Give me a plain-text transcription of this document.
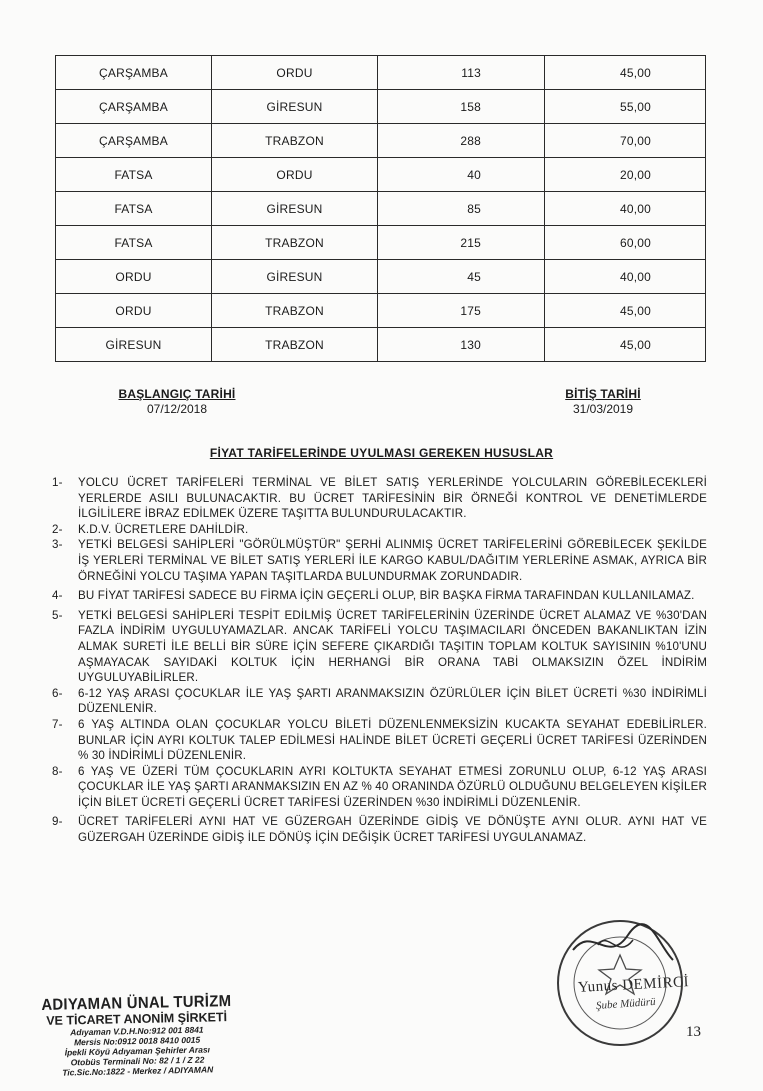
ÇARŞAMBA	ORDU	113	45,00
ÇARŞAMBA	GİRESUN	158	55,00
ÇARŞAMBA	TRABZON	288	70,00
FATSA	ORDU	40	20,00
FATSA	GİRESUN	85	40,00
FATSA	TRABZON	215	60,00
ORDU	GİRESUN	45	40,00
ORDU	TRABZON	175	45,00
GİRESUN	TRABZON	130	45,00
BAŞLANGIÇ TARİHİ
07/12/2018
BİTİŞ TARİHİ
31/03/2019
FİYAT TARİFELERİNDE UYULMASI GEREKEN HUSUSLAR
1-	YOLCU ÜCRET TARİFELERİ TERMİNAL VE BİLET SATIŞ YERLERİNDE YOLCULARIN GÖREBİLECEKLERİ YERLERDE ASILI BULUNACAKTIR. BU ÜCRET TARİFESİNİN BİR ÖRNEĞİ KONTROL VE DENETİMLERDE İLGİLİLERE İBRAZ EDİLMEK ÜZERE TAŞITTA BULUNDURULACAKTIR.
2-	K.D.V. ÜCRETLERE DAHİLDİR.
3-	YETKİ BELGESİ SAHİPLERİ "GÖRÜLMÜŞTÜR" ŞERHİ ALINMIŞ ÜCRET TARİFELERİNİ GÖREBİLECEK ŞEKİLDE İŞ YERLERİ TERMİNAL VE BİLET SATIŞ YERLERİ İLE KARGO KABUL/DAĞITIM YERLERİNE ASMAK, AYRICA BİR ÖRNEĞİNİ YOLCU TAŞIMA YAPAN TAŞITLARDA BULUNDURMAK ZORUNDADIR.
4-	BU FİYAT TARİFESİ SADECE BU FİRMA İÇİN GEÇERLİ OLUP, BİR BAŞKA FİRMA TARAFINDAN KULLANILAMAZ.
5-	YETKİ BELGESİ SAHİPLERİ TESPİT EDİLMİŞ ÜCRET TARİFELERİNİN ÜZERİNDE ÜCRET ALAMAZ VE %30'DAN FAZLA İNDİRİM UYGULUYAMAZLAR. ANCAK TARİFELİ YOLCU TAŞIMACILARI ÖNCEDEN BAKANLIKTAN İZİN ALMAK SURETİ İLE BELLİ BİR SÜRE İÇİN SEFERE ÇIKARDIĞI TAŞITIN TOPLAM KOLTUK SAYISININ %10'UNU AŞMAYACAK SAYIDAKİ KOLTUK İÇİN HERHANGİ BİR ORANA TABİ OLMAKSIZIN ÖZEL İNDİRİM UYGULUYABİLİRLER.
6-	6-12 YAŞ ARASI ÇOCUKLAR İLE YAŞ ŞARTI ARANMAKSIZIN ÖZÜRLÜLER İÇİN BİLET ÜCRETİ %30 İNDİRİMLİ DÜZENLENİR.
7-	6 YAŞ ALTINDA OLAN ÇOCUKLAR YOLCU BİLETİ DÜZENLENMEKSİZİN KUCAKTA SEYAHAT EDEBİLİRLER. BUNLAR İÇİN AYRI KOLTUK TALEP EDİLMESİ HALİNDE BİLET ÜCRETİ GEÇERLİ ÜCRET TARİFESİ ÜZERİNDEN % 30 İNDİRİMLİ DÜZENLENİR.
8-	6 YAŞ VE ÜZERİ TÜM ÇOCUKLARIN AYRI KOLTUKTA SEYAHAT ETMESİ ZORUNLU OLUP, 6-12 YAŞ ARASI ÇOCUKLAR İLE YAŞ ŞARTI ARANMAKSIZIN EN AZ % 40 ORANINDA ÖZÜRLÜ OLDUĞUNU BELGELEYEN KİŞİLER İÇİN BİLET ÜCRETİ GEÇERLİ ÜCRET TARİFESİ ÜZERİNDEN %30 İNDİRİMLİ DÜZENLENİR.
9-	ÜCRET TARİFELERİ AYNI HAT VE GÜZERGAH ÜZERİNDE GİDİŞ VE DÖNÜŞTE AYNI OLUR. AYNI HAT VE GÜZERGAH ÜZERİNDE GİDİŞ İLE DÖNÜŞ İÇİN DEĞİŞİK ÜCRET TARİFESİ UYGULANAMAZ.
ADIYAMAN ÜNAL TURİZM
VE TİCARET ANONİM ŞİRKETİ
Adıyaman V.D.H.No:912 001 8841
Mersis No:0912 0018 8410 0015
İpekli Köyü Adıyaman Şehirler Arası
Otobüs Terminali No: 82 / 1 / Z 22
Tic.Sic.No:1822 - Merkez / ADIYAMAN
Yunus DEMİRCİ
Şube Müdürü
13
